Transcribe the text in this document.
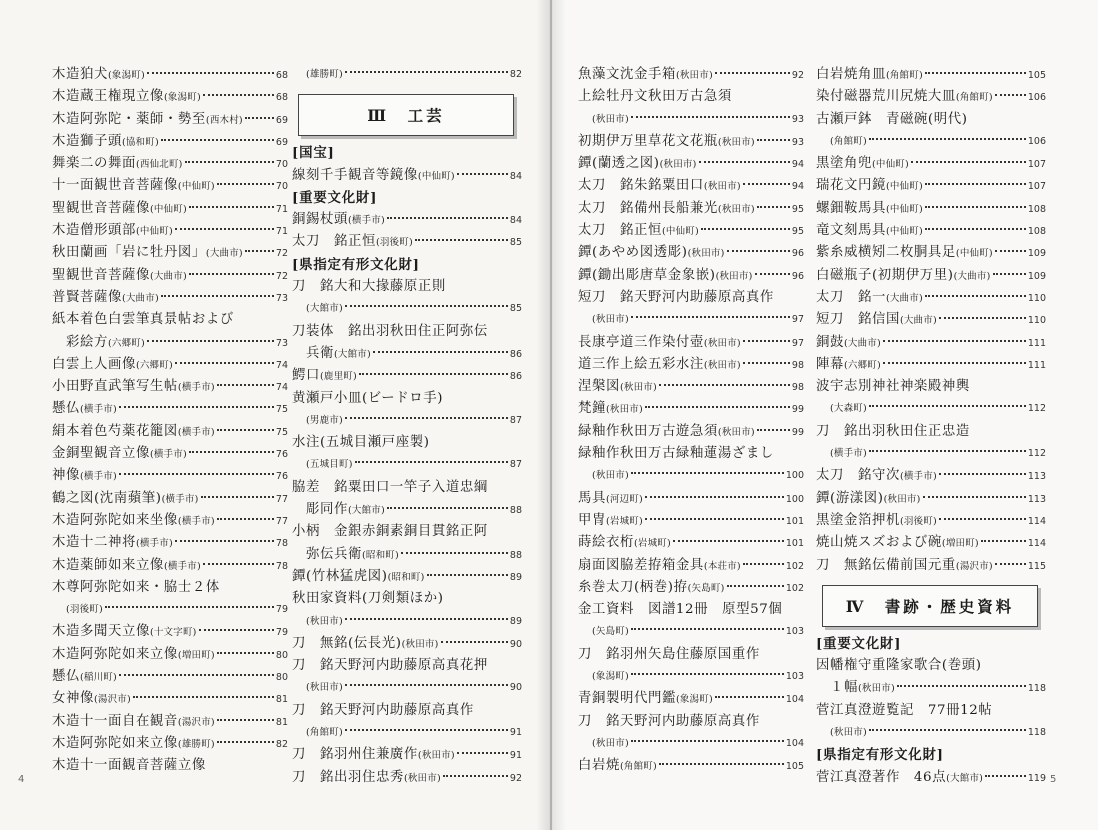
木造狛犬 (象潟町)	68
木造蔵王権現立像 (象潟町)	68
木造阿弥陀・薬師・勢至 (西木村)	69
木造獅子頭 (協和町)	69
舞楽二の舞面 (西仙北町)	70
十一面観世音菩薩像 (中仙町)	70
聖観世音菩薩像 (中仙町)	71
木造僧形頭部 (中仙町)	71
秋田蘭画「岩に牡丹図」 (大曲市)	72
聖観世音菩薩像 (大曲市)	72
普賢菩薩像 (大曲市)	73
紙本着色白雲筆真景帖および
彩絵方 (六郷町)	73
白雲上人画像 (六郷町)	74
小田野直武筆写生帖 (横手市)	74
懸仏 (横手市)	75
絹本着色芍薬花籠図 (横手市)	75
金銅聖観音立像 (横手市)	76
神像 (横手市)	76
鶴之図(沈南蘋筆) (横手市)	77
木造阿弥陀如来坐像 (横手市)	77
木造十二神将 (横手市)	78
木造薬師如来立像 (横手市)	78
木尊阿弥陀如来・脇士２体
(羽後町)	79
木造多聞天立像 (十文字町)	79
木造阿弥陀如来立像 (増田町)	80
懸仏 (稲川町)	80
女神像 (湯沢市)	81
木造十一面自在観音 (湯沢市)	81
木造阿弥陀如来立像 (雄勝町)	82
木造十一面観音菩薩立像
(雄勝町)	82
Ⅲ　工芸
[ 国宝 ]
線刻千手観音等鏡像 (中仙町)	84
[ 重要文化財 ]
銅錫杖頭 (横手市)	84
太刀　銘正恒 (羽後町)	85
[ 県指定有形文化財 ]
刀　銘大和大掾藤原正則
(大館市)	85
刀装体　銘出羽秋田住正阿弥伝
兵衛 (大館市)	86
鰐口 (鹿里町)	86
黄瀬戸小皿(ビードロ手)
(男鹿市)	87
水注(五城目瀬戸座製)
(五城目町)	87
脇差　銘粟田口一竿子入道忠綱
彫同作 (大館市)	88
小柄　金銀赤銅素銅目貫銘正阿
弥伝兵衛 (昭和町)	88
鐔(竹林猛虎図) (昭和町)	89
秋田家資料(刀剣類ほか)
(秋田市)	89
刀　無銘(伝長光) (秋田市)	90
刀　銘天野河内助藤原高真花押
(秋田市)	90
刀　銘天野河内助藤原高真作
(角館町)	91
刀　銘羽州住兼廣作 (秋田市)	91
刀　銘出羽住忠秀 (秋田市)	92
4
魚藻文沈金手箱 (秋田市)	92
上絵牡丹文秋田万古急須
(秋田市)	93
初期伊万里草花文花瓶 (秋田市)	93
鐔(蘭透之図) (秋田市)	94
太刀　銘朱銘粟田口 (秋田市)	94
太刀　銘備州長船兼光 (秋田市)	95
太刀　銘正恒 (中仙町)	95
鐔(あやめ図透彫) (秋田市)	96
鐔(鋤出彫唐草金象嵌) (秋田市)	96
短刀　銘天野河内助藤原高真作
(秋田市)	97
長康亭道三作染付壺 (秋田市)	97
道三作上絵五彩水注 (秋田市)	98
涅槃図 (秋田市)	98
梵鐘 (秋田市)	99
緑釉作秋田万古遊急須 (秋田市)	99
緑釉作秋田万古緑釉蓮湯ざまし
(秋田市)	100
馬具 (河辺町)	100
甲冑 (岩城町)	101
蒔絵衣桁 (岩城町)	101
扇面図脇差拵箱金具 (本荘市)	102
糸巻太刀(柄巻)拵 (矢島町)	102
金工資料　図譜12冊　原型57個
(矢島町)	103
刀　銘羽州矢島住藤原国重作
(象潟町)	103
青銅製明代門鑑 (象潟町)	104
刀　銘天野河内助藤原高真作
(秋田市)	104
白岩焼 (角館町)	105
白岩焼角皿 (角館町)	105
染付磁器荒川尻焼大皿 (角館町)	106
古瀬戸鉢　青磁碗(明代)
(角館町)	106
黒塗角兜 (中仙町)	107
瑞花文円鏡 (中仙町)	107
螺鈿鞍馬具 (中仙町)	108
竜文刻馬具 (中仙町)	108
紫糸威横矧二枚胴具足 (中仙町)	109
白磁瓶子(初期伊万里) (大曲市)	109
太刀　銘一 (大曲市)	110
短刀　銘信国 (大曲市)	110
銅鼓 (大曲市)	111
陣幕 (六郷町)	111
波宇志別神社神楽殿神輿
(大森町)	112
刀　銘出羽秋田住正忠造
(横手市)	112
太刀　銘守次 (横手市)	113
鐔(游漾図) (秋田市)	113
黒塗金箔押机 (羽後町)	114
焼山焼スズおよび碗 (増田町)	114
刀　無銘伝備前国元重 (湯沢市)	115
Ⅳ　書跡・歴史資料
[ 重要文化財 ]
因幡権守重隆家歌合(巻頭)
１幅 (秋田市)	118
菅江真澄遊覧記　77冊12帖
(秋田市)	118
[ 県指定有形文化財 ]
菅江真澄著作　46点 (大館市)	119 5
